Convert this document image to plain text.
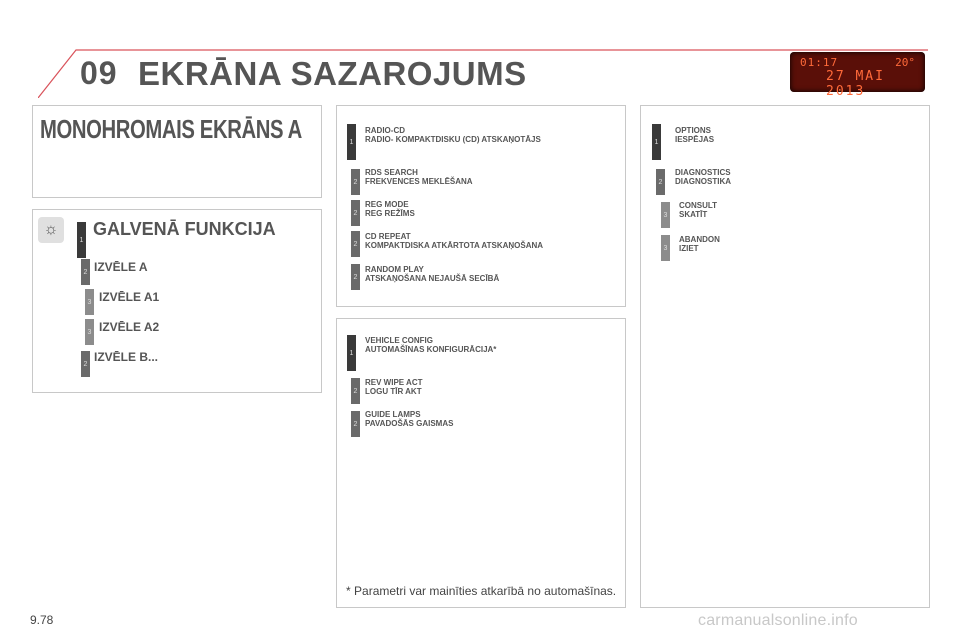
09 EKRĀNA SAZAROJUMS	01:17	20°
27 MAI 2013
MONOHROMAIS EKRĀNS A
☼
1
GALVENĀ FUNKCIJA
2 IZVĒLE A
3 IZVĒLE A1
3 IZVĒLE A2
2 IZVĒLE B...
1
RADIO-CD
RADIO- KOMPAKTDISKU (CD) ATSKAŅOTĀJS
2
RDS SEARCH
FREKVENCES MEKLĒŠANA
2
REG MODE
REG REŽĪMS
2
CD REPEAT
KOMPAKTDISKA ATKĀRTOTA ATSKAŅOŠANA
2
RANDOM PLAY
ATSKAŅOŠANA NEJAUŠĀ SECĪBĀ
1
VEHICLE CONFIG
AUTOMAŠĪNAS KONFIGURĀCIJA*
2
REV WIPE ACT
LOGU TĪR AKT
2
GUIDE LAMPS
PAVADOŠĀS GAISMAS
1
OPTIONS
IESPĒJAS
2
DIAGNOSTICS
DIAGNOSTIKA
3
CONSULT
SKATĪT
3
ABANDON
IZIET
* Parametri var mainīties atkarībā no automašīnas.
9.78	carmanualsonline.info
